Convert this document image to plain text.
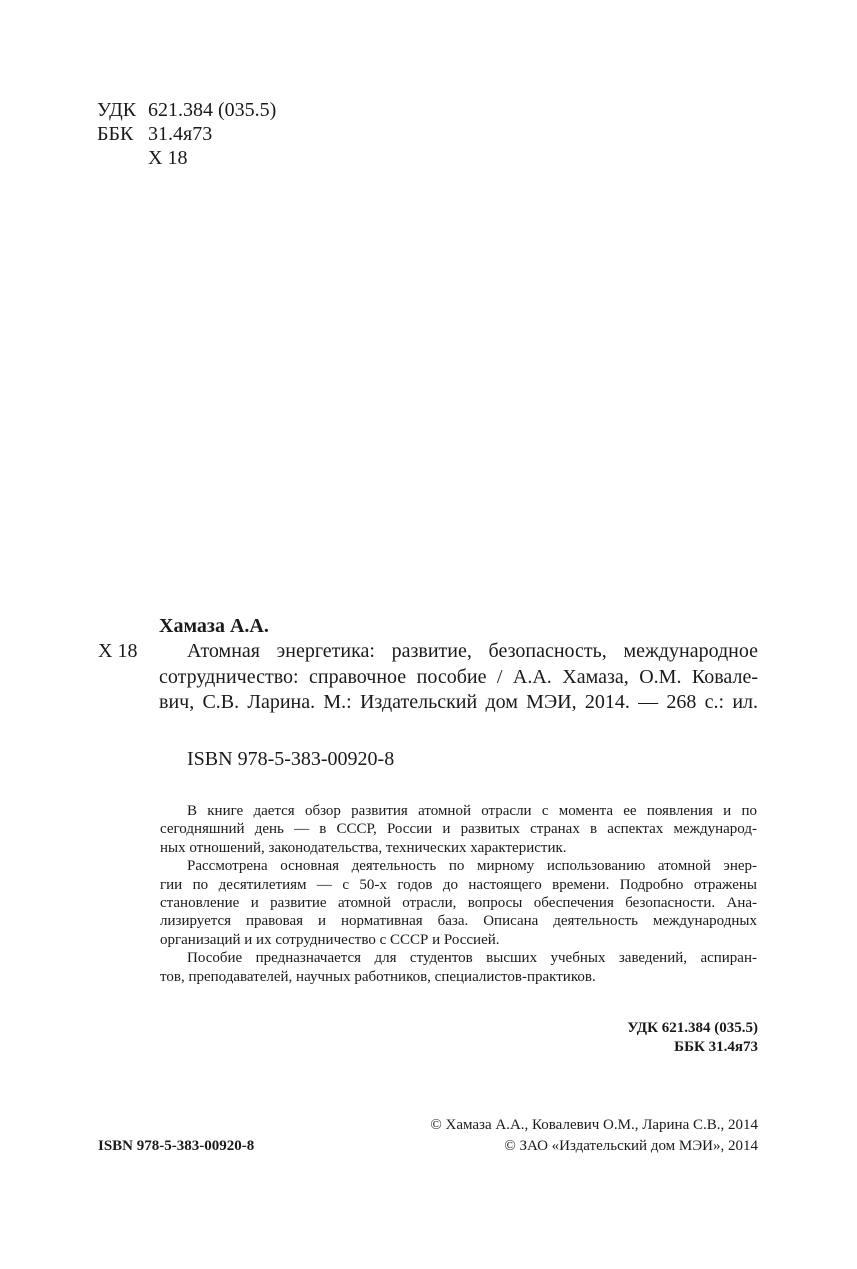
УДК 621.384 (035.5)
ББК 31.4я73
Х 18
Хамаза А.А.
Х 18 Атомная энергетика: развитие, безопасность, международное
сотрудничество: справочное пособие / А.А. Хамаза, О.М. Ковале-
вич, С.В. Ларина. М.: Издательский дом МЭИ, 2014. — 268 с.: ил.
ISBN 978-5-383-00920-8
В книге дается обзор развития атомной отрасли с момента ее появления и по
сегодняшний день — в СССР, России и развитых странах в аспектах международ-
ных отношений, законодательства, технических характеристик.
Рассмотрена основная деятельность по мирному использованию атомной энер-
гии по десятилетиям — с 50-х годов до настоящего времени. Подробно отражены
становление и развитие атомной отрасли, вопросы обеспечения безопасности. Ана-
лизируется правовая и нормативная база. Описана деятельность международных
организаций и их сотрудничество с СССР и Россией.
Пособие предназначается для студентов высших учебных заведений, аспиран-
тов, преподавателей, научных работников, специалистов-практиков.
УДК 621.384 (035.5)
ББК 31.4я73
© Хамаза А.А., Ковалевич О.М., Ларина С.В., 2014
© ЗАО «Издательский дом МЭИ», 2014
ISBN 978-5-383-00920-8
